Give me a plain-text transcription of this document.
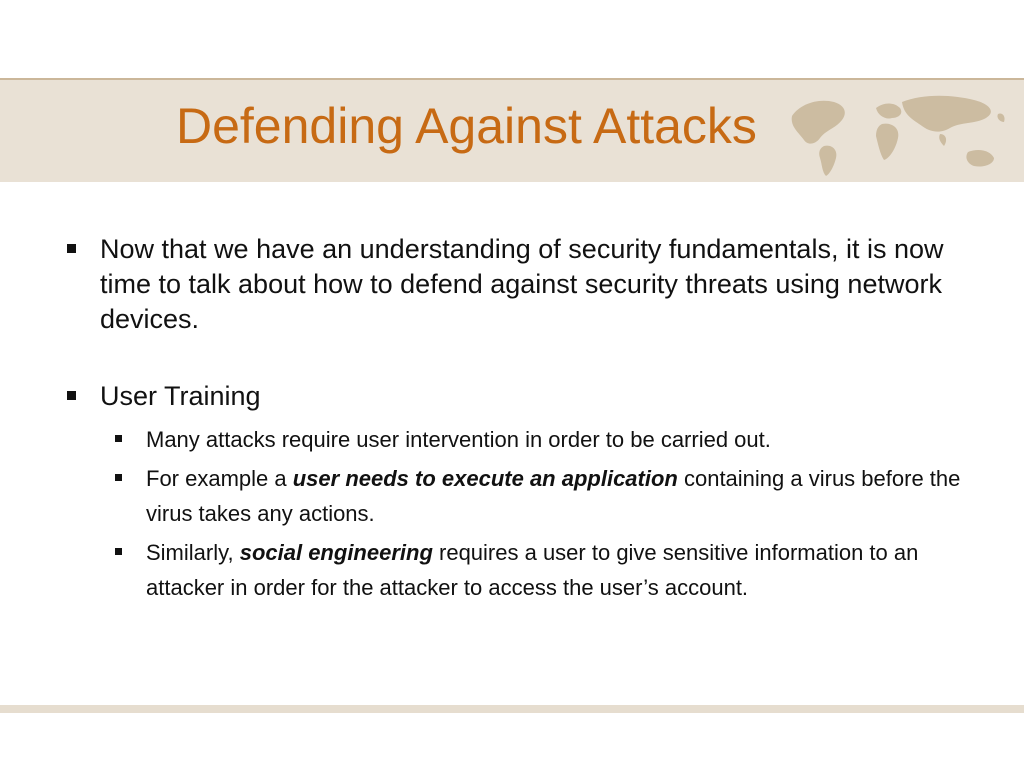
Defending Against Attacks
Now that we have an understanding of security fundamentals, it is now time to talk about how to defend against security threats using network devices.
User Training
Many attacks require user intervention in order to be carried out.
For example a user needs to execute an application containing a virus before the virus takes any actions.
Similarly, social engineering requires a user to give sensitive information to an attacker in order for the attacker to access the user’s account.
